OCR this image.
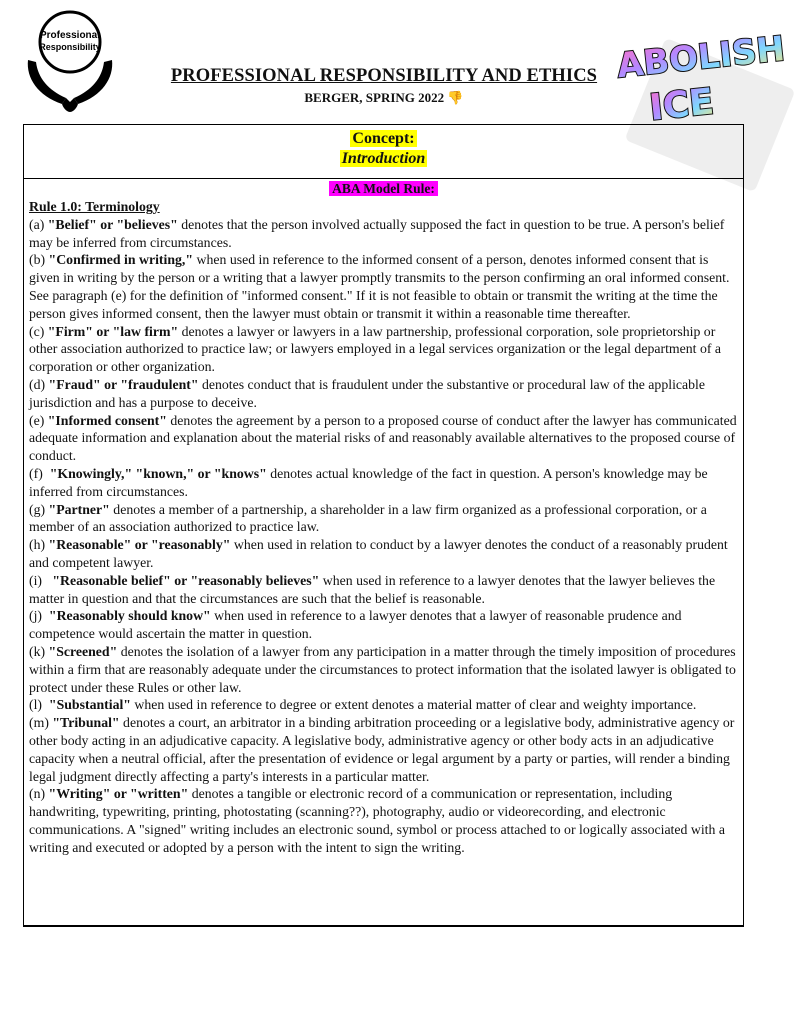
Professional
Responsibility	ABOLISH
ICE
PROFESSIONAL RESPONSIBILITY AND ETHICS
BERGER, SPRING 2022 👎
Concept:
Introduction
ABA Model Rule:

Rule 1.0: Terminology

(a) "Belief" or "believes" denotes that the person involved actually supposed the fact in question to be true. A person's belief may be inferred from circumstances.

(b) "Confirmed in writing," when used in reference to the informed consent of a person, denotes informed consent that is given in writing by the person or a writing that a lawyer promptly transmits to the person confirming an oral informed consent. See paragraph (e) for the definition of "informed consent." If it is not feasible to obtain or transmit the writing at the time the person gives informed consent, then the lawyer must obtain or transmit it within a reasonable time thereafter.

(c) "Firm" or "law firm" denotes a lawyer or lawyers in a law partnership, professional corporation, sole proprietorship or other association authorized to practice law; or lawyers employed in a legal services organization or the legal department of a corporation or other organization.

(d) "Fraud" or "fraudulent" denotes conduct that is fraudulent under the substantive or procedural law of the applicable jurisdiction and has a purpose to deceive.

(e) "Informed consent" denotes the agreement by a person to a proposed course of conduct after the lawyer has communicated adequate information and explanation about the material risks of and reasonably available alternatives to the proposed course of conduct.

(f)  "Knowingly," "known," or "knows" denotes actual knowledge of the fact in question. A person's knowledge may be inferred from circumstances.

(g) "Partner" denotes a member of a partnership, a shareholder in a law firm organized as a professional corporation, or a member of an association authorized to practice law.

(h) "Reasonable" or "reasonably" when used in relation to conduct by a lawyer denotes the conduct of a reasonably prudent and competent lawyer.

(i)   "Reasonable belief" or "reasonably believes" when used in reference to a lawyer denotes that the lawyer believes the matter in question and that the circumstances are such that the belief is reasonable.

(j)  "Reasonably should know" when used in reference to a lawyer denotes that a lawyer of reasonable prudence and competence would ascertain the matter in question.

(k) "Screened" denotes the isolation of a lawyer from any participation in a matter through the timely imposition of procedures within a firm that are reasonably adequate under the circumstances to protect information that the isolated lawyer is obligated to protect under these Rules or other law.

(l)  "Substantial" when used in reference to degree or extent denotes a material matter of clear and weighty importance.

(m) "Tribunal" denotes a court, an arbitrator in a binding arbitration proceeding or a legislative body, administrative agency or other body acting in an adjudicative capacity. A legislative body, administrative agency or other body acts in an adjudicative capacity when a neutral official, after the presentation of evidence or legal argument by a party or parties, will render a binding legal judgment directly affecting a party's interests in a particular matter.

(n) "Writing" or "written" denotes a tangible or electronic record of a communication or representation, including handwriting, typewriting, printing, photostating (scanning??), photography, audio or videorecording, and electronic communications. A "signed" writing includes an electronic sound, symbol or process attached to or logically associated with a writing and executed or adopted by a person with the intent to sign the writing.
